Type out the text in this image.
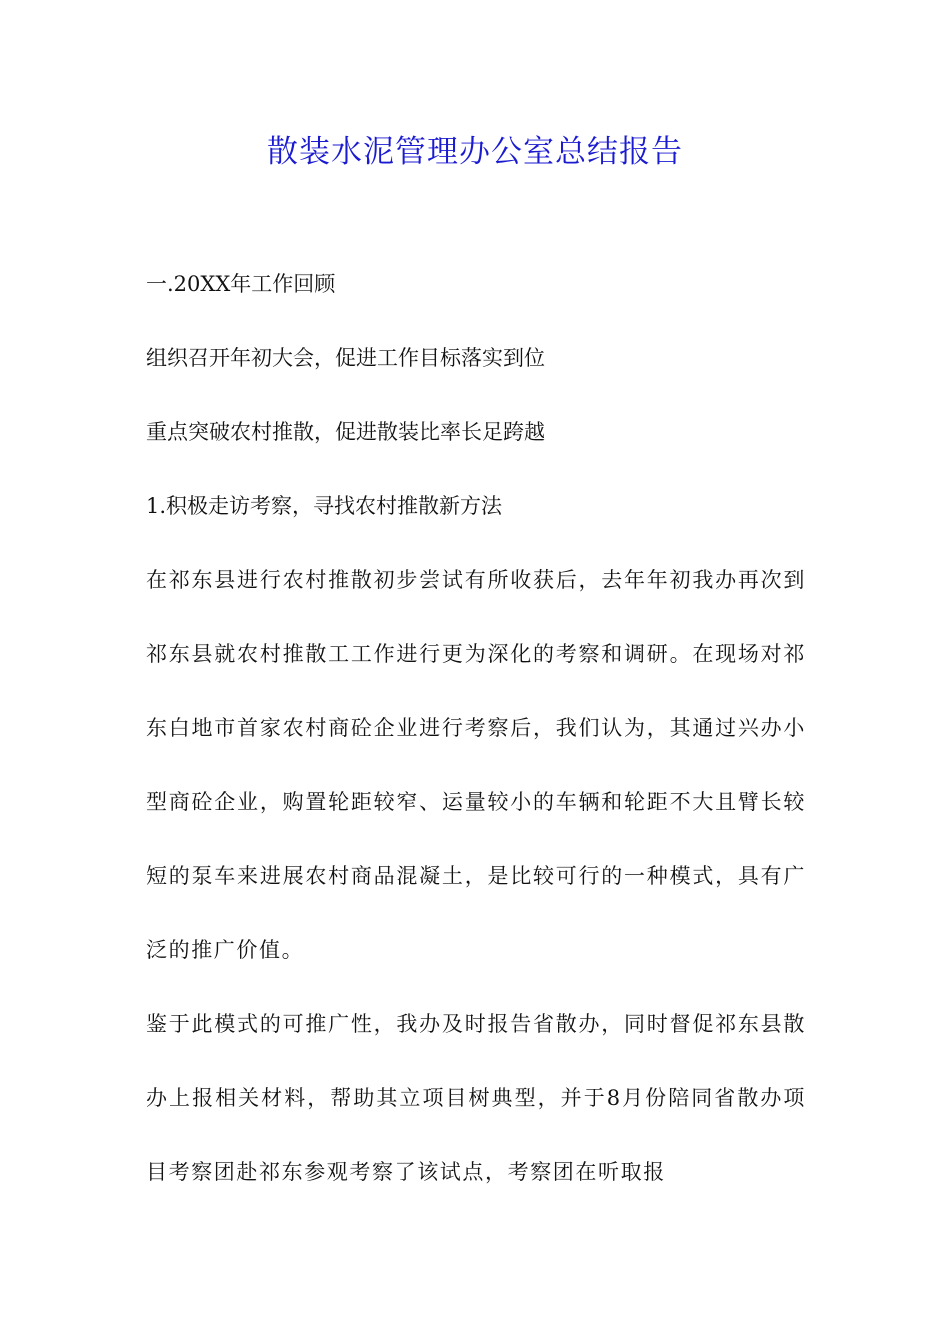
散装水泥管理办公室总结报告
一.20XX年工作回顾
组织召开年初大会，促进工作目标落实到位
重点突破农村推散，促进散装比率长足跨越
1.积极走访考察，寻找农村推散新方法

在祁东县进行农村推散初步尝试有所收获后，去年年初我办再次到祁东县就农村推散工工作进行更为深化的考察和调研。在现场对祁东白地市首家农村商砼企业进行考察后，我们认为，其通过兴办小型商砼企业，购置轮距较窄、运量较小的车辆和轮距不大且臂长较短的泵车来进展农村商品混凝土，是比较可行的一种模式，具有广泛的推广价值。

鉴于此模式的可推广性，我办及时报告省散办，同时督促祁东县散办上报相关材料，帮助其立项目树典型，并于8月份陪同省散办项目考察团赴祁东参观考察了该试点，考察团在听取报
